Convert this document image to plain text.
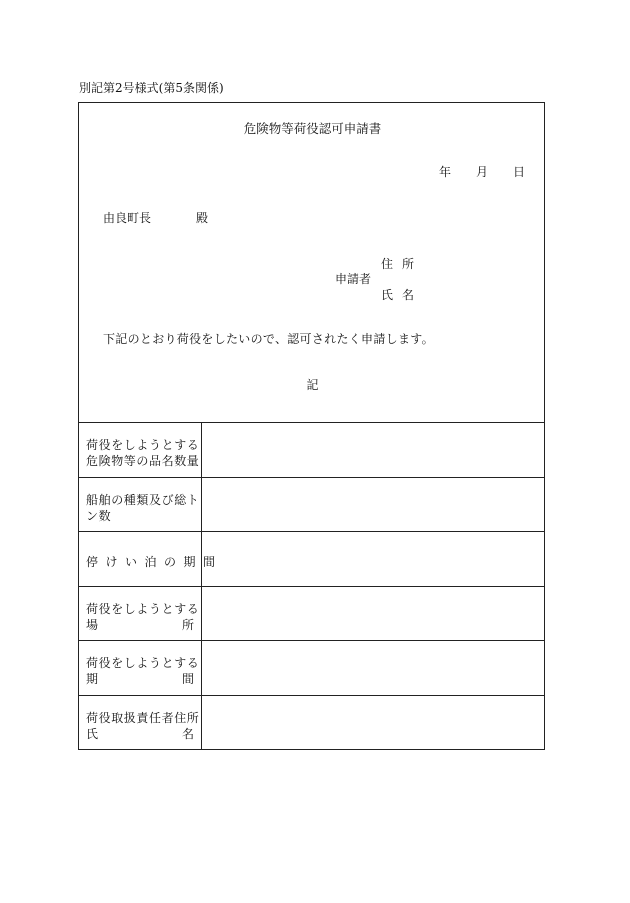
別記第2号様式(第5条関係)
危険物等荷役認可申請書
年 月 日
由良町長	殿
住所
申請者
氏名
下記のとおり荷役をしたいので、認可されたく申請します。
記
荷役をしようとする
危険物等の品名数量
船舶の種類及び総ト
ン数
停けい泊の期間
荷役をしようとする
場	所
荷役をしようとする
期	間
荷役取扱責任者住所
氏	名
